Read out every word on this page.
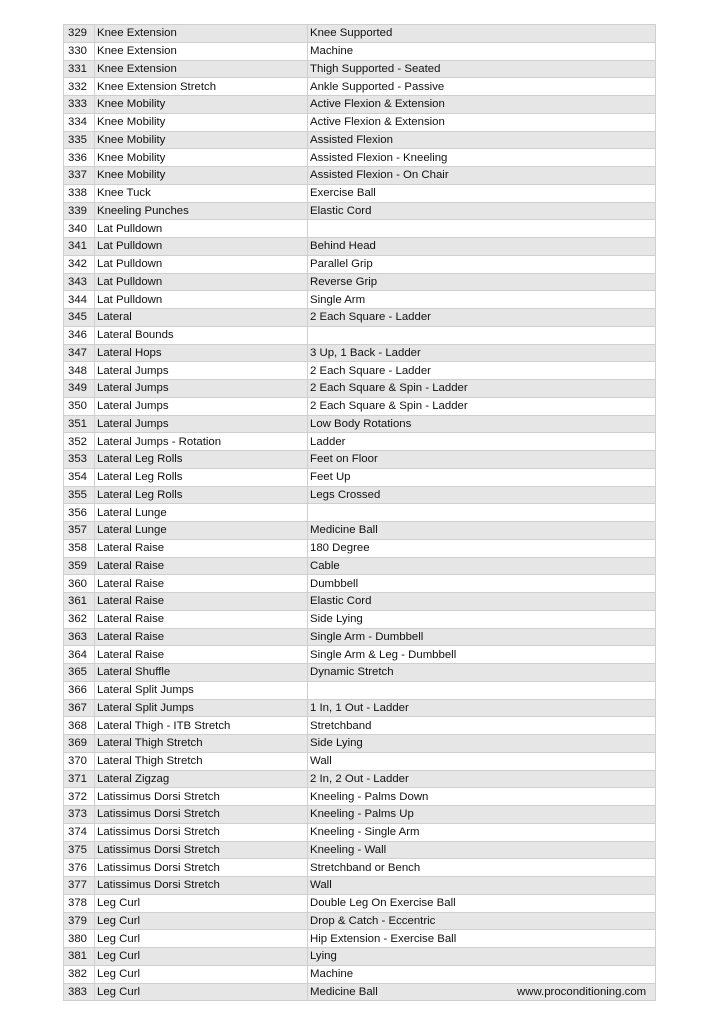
329	Knee Extension	Knee Supported
330	Knee Extension	Machine
331	Knee Extension	Thigh Supported - Seated
332	Knee Extension Stretch	Ankle Supported - Passive
333	Knee Mobility	Active Flexion & Extension
334	Knee Mobility	Active Flexion & Extension
335	Knee Mobility	Assisted Flexion
336	Knee Mobility	Assisted Flexion - Kneeling
337	Knee Mobility	Assisted Flexion - On Chair
338	Knee Tuck	Exercise Ball
339	Kneeling Punches	Elastic Cord
340	Lat Pulldown	
341	Lat Pulldown	Behind Head
342	Lat Pulldown	Parallel Grip
343	Lat Pulldown	Reverse Grip
344	Lat Pulldown	Single Arm
345	Lateral	2 Each Square - Ladder
346	Lateral Bounds	
347	Lateral Hops	3 Up, 1 Back - Ladder
348	Lateral Jumps	2 Each Square - Ladder
349	Lateral Jumps	2 Each Square & Spin - Ladder
350	Lateral Jumps	2 Each Square & Spin - Ladder
351	Lateral Jumps	Low Body Rotations
352	Lateral Jumps - Rotation	Ladder
353	Lateral Leg Rolls	Feet on Floor
354	Lateral Leg Rolls	Feet Up
355	Lateral Leg Rolls	Legs Crossed
356	Lateral Lunge	
357	Lateral Lunge	Medicine Ball
358	Lateral Raise	180 Degree
359	Lateral Raise	Cable
360	Lateral Raise	Dumbbell
361	Lateral Raise	Elastic Cord
362	Lateral Raise	Side Lying
363	Lateral Raise	Single Arm - Dumbbell
364	Lateral Raise	Single Arm & Leg - Dumbbell
365	Lateral Shuffle	Dynamic Stretch
366	Lateral Split Jumps	
367	Lateral Split Jumps	1 In, 1 Out - Ladder
368	Lateral Thigh - ITB Stretch	Stretchband
369	Lateral Thigh Stretch	Side Lying
370	Lateral Thigh Stretch	Wall
371	Lateral Zigzag	2 In, 2 Out - Ladder
372	Latissimus Dorsi Stretch	Kneeling - Palms Down
373	Latissimus Dorsi Stretch	Kneeling - Palms Up
374	Latissimus Dorsi Stretch	Kneeling - Single Arm
375	Latissimus Dorsi Stretch	Kneeling - Wall
376	Latissimus Dorsi Stretch	Stretchband or Bench
377	Latissimus Dorsi Stretch	Wall
378	Leg Curl	Double Leg On Exercise Ball
379	Leg Curl	Drop & Catch - Eccentric
380	Leg Curl	Hip Extension - Exercise Ball
381	Leg Curl	Lying
382	Leg Curl	Machine
383	Leg Curl	Medicine Ball	www.proconditioning.com
